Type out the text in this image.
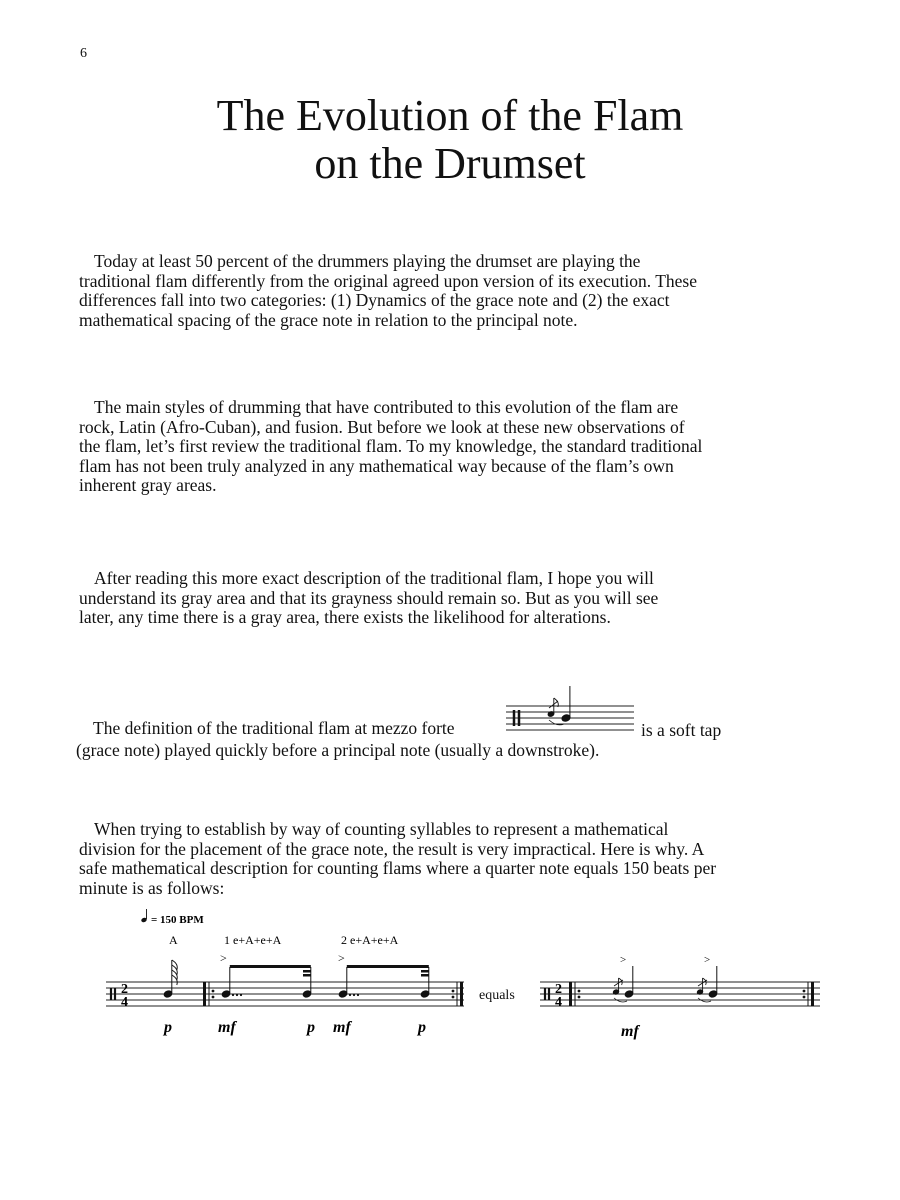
6
The Evolution of the Flam
on the Drumset

Today at least 50 percent of the drummers playing the drumset are playing the
traditional flam differently from the original agreed upon version of its execution. These
differences fall into two categories: (1) Dynamics of the grace note and (2) the exact
mathematical spacing of the grace note in relation to the principal note.

The main styles of drumming that have contributed to this evolution of the flam are
rock, Latin (Afro-Cuban), and fusion. But before we look at these new observations of
the flam, let’s first review the traditional flam. To my knowledge, the standard traditional
flam has not been truly analyzed in any mathematical way because of the flam’s own
inherent gray areas.

After reading this more exact description of the traditional flam, I hope you will
understand its gray area and that its grayness should remain so. But as you will see
later, any time there is a gray area, there exists the likelihood for alterations.

The definition of the traditional flam at mezzo forte	is a soft tap
(grace note) played quickly before a principal note (usually a downstroke).

When trying to establish by way of counting syllables to represent a mathematical
division for the placement of the grace note, the result is very impractical. Here is why. A
safe mathematical description for counting flams where a quarter note equals 150 beats per
minute is as follows:

= 150 BPM
A	1 e+A+e+A	2 e+A+e+A
>	>
2
4
p	mf	p mf	p
equals	2
4
>	>
mf
